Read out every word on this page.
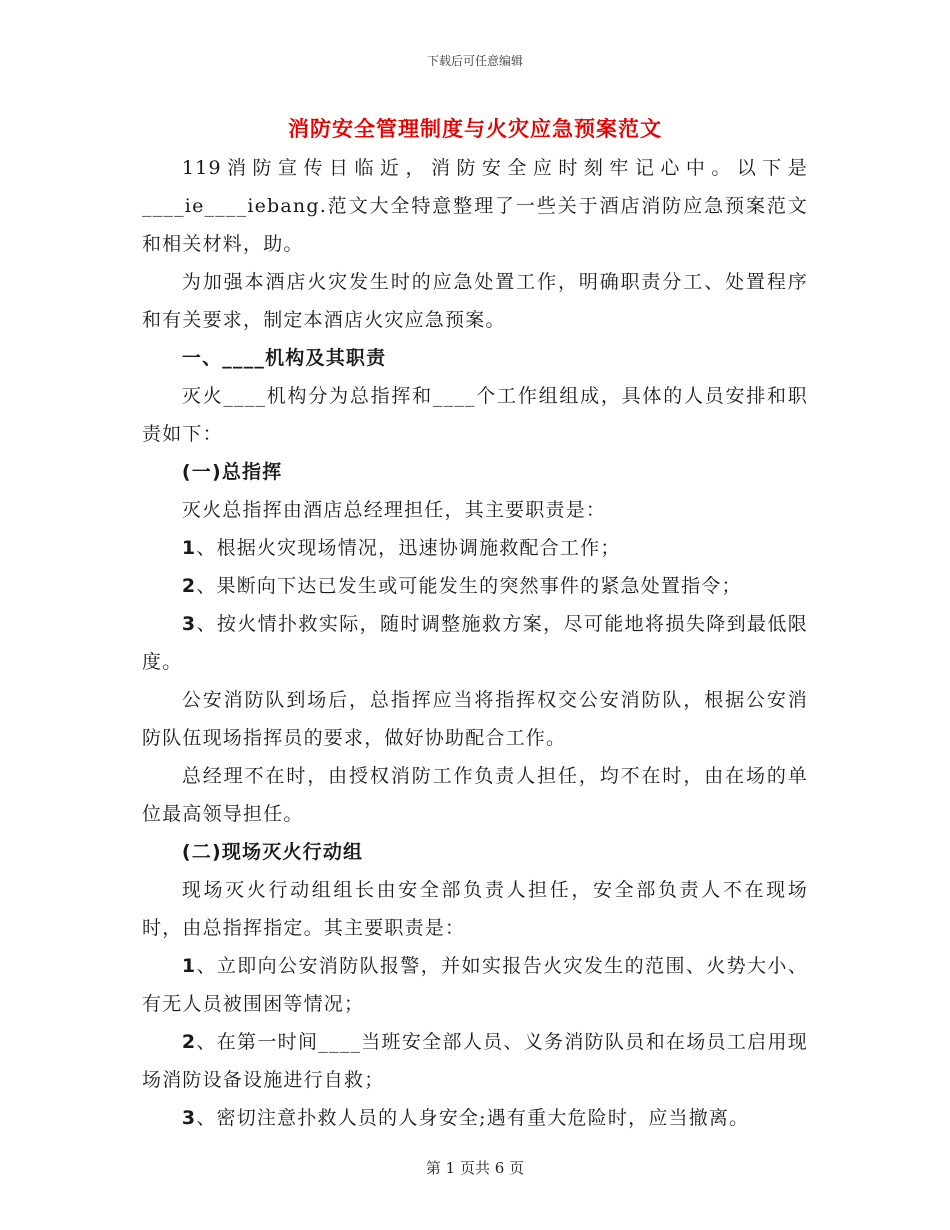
下载后可任意编辑
消防安全管理制度与火灾应急预案范文

119消防宣传日临近，消防安全应时刻牢记心中。以下是____ie____iebang.范文大全特意整理了一些关于酒店消防应急预案范文和相关材料，助。

为加强本酒店火灾发生时的应急处置工作，明确职责分工、处置程序和有关要求，制定本酒店火灾应急预案。

一、____机构及其职责

灭火____机构分为总指挥和____个工作组组成，具体的人员安排和职责如下：

(一)总指挥

灭火总指挥由酒店总经理担任，其主要职责是：

1、根据火灾现场情况，迅速协调施救配合工作；

2、果断向下达已发生或可能发生的突然事件的紧急处置指令；

3、按火情扑救实际，随时调整施救方案，尽可能地将损失降到最低限度。

公安消防队到场后，总指挥应当将指挥权交公安消防队，根据公安消防队伍现场指挥员的要求，做好协助配合工作。

总经理不在时，由授权消防工作负责人担任，均不在时，由在场的单位最高领导担任。

(二)现场灭火行动组

现场灭火行动组组长由安全部负责人担任，安全部负责人不在现场时，由总指挥指定。其主要职责是：

1、立即向公安消防队报警，并如实报告火灾发生的范围、火势大小、有无人员被围困等情况；

2、在第一时间____当班安全部人员、义务消防队员和在场员工启用现场消防设备设施进行自救；

3、密切注意扑救人员的人身安全;遇有重大危险时，应当撤离。

第 1 页共 6 页
